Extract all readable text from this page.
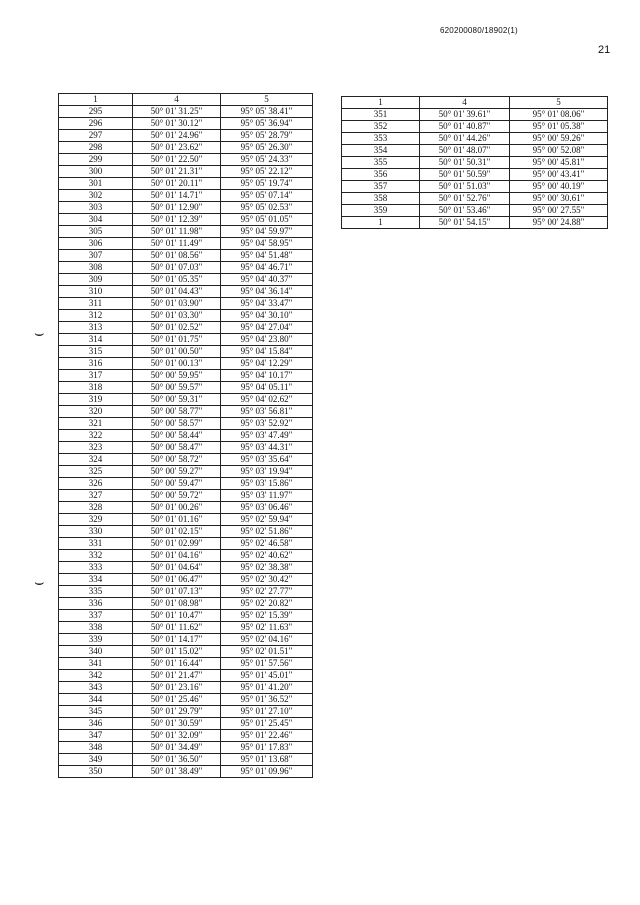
620200080/18902(1)
21
⌣
⌣
1	4	5
295	50° 01' 31.25"	95° 05' 38.41"
296	50° 01' 30.12"	95° 05' 36.94"
297	50° 01' 24.96"	95° 05' 28.79"
298	50° 01' 23.62"	95° 05' 26.30"
299	50° 01' 22.50"	95° 05' 24.33"
300	50° 01' 21.31"	95° 05' 22.12"
301	50° 01' 20.11"	95° 05' 19.74"
302	50° 01' 14.71"	95° 05' 07.14"
303	50° 01' 12.90"	95° 05' 02.53"
304	50° 01' 12.39"	95° 05' 01.05"
305	50° 01' 11.98"	95° 04' 59.97"
306	50° 01' 11.49"	95° 04' 58.95"
307	50° 01' 08.56"	95° 04' 51.48"
308	50° 01' 07.03"	95° 04' 46.71"
309	50° 01' 05.35"	95° 04' 40.37"
310	50° 01' 04.43"	95° 04' 36.14"
311	50° 01' 03.90"	95° 04' 33.47"
312	50° 01' 03.30"	95° 04' 30.10"
313	50° 01' 02.52"	95° 04' 27.04"
314	50° 01' 01.75"	95° 04' 23.80"
315	50° 01' 00.50"	95° 04' 15.84"
316	50° 01' 00.13"	95° 04' 12.29"
317	50° 00' 59.95"	95° 04' 10.17"
318	50° 00' 59.57"	95° 04' 05.11"
319	50° 00' 59.31"	95° 04' 02.62"
320	50° 00' 58.77"	95° 03' 56.81"
321	50° 00' 58.57"	95° 03' 52.92"
322	50° 00' 58.44"	95° 03' 47.49"
323	50° 00' 58.47"	95° 03' 44.31"
324	50° 00' 58.72"	95° 03' 35.64"
325	50° 00' 59.27"	95° 03' 19.94"
326	50° 00' 59.47"	95° 03' 15.86"
327	50° 00' 59.72"	95° 03' 11.97"
328	50° 01' 00.26"	95° 03' 06.46"
329	50° 01' 01.16"	95° 02' 59.94"
330	50° 01' 02.15"	95° 02' 51.86"
331	50° 01' 02.99"	95° 02' 46.58"
332	50° 01' 04.16"	95° 02' 40.62"
333	50° 01' 04.64"	95° 02' 38.38"
334	50° 01' 06.47"	95° 02' 30.42"
335	50° 01' 07.13"	95° 02' 27.77"
336	50° 01' 08.98"	95° 02' 20.82"
337	50° 01' 10.47"	95° 02' 15.39"
338	50° 01' 11.62"	95° 02' 11.63"
339	50° 01' 14.17"	95° 02' 04.16"
340	50° 01' 15.02"	95° 02' 01.51"
341	50° 01' 16.44"	95° 01' 57.56"
342	50° 01' 21.47"	95° 01' 45.01"
343	50° 01' 23.16"	95° 01' 41.20"
344	50° 01' 25.46"	95° 01' 36.52"
345	50° 01' 29.79"	95° 01' 27.10"
346	50° 01' 30.59"	95° 01' 25.45"
347	50° 01' 32.09"	95° 01' 22.46"
348	50° 01' 34.49"	95° 01' 17.83"
349	50° 01' 36.50"	95° 01' 13.68"
350	50° 01' 38.49"	95° 01' 09.96"
1	4	5
351	50° 01' 39.61"	95° 01' 08.06"
352	50° 01' 40.87"	95° 01' 05.38"
353	50° 01' 44.26"	95° 00' 59.26"
354	50° 01' 48.07"	95° 00' 52.08"
355	50° 01' 50.31"	95° 00' 45.81"
356	50° 01' 50.59"	95° 00' 43.41"
357	50° 01' 51.03"	95° 00' 40.19"
358	50° 01' 52.76"	95° 00' 30.61"
359	50° 01' 53.46"	95° 00' 27.55"
1	50° 01' 54.15"	95° 00' 24.88"
